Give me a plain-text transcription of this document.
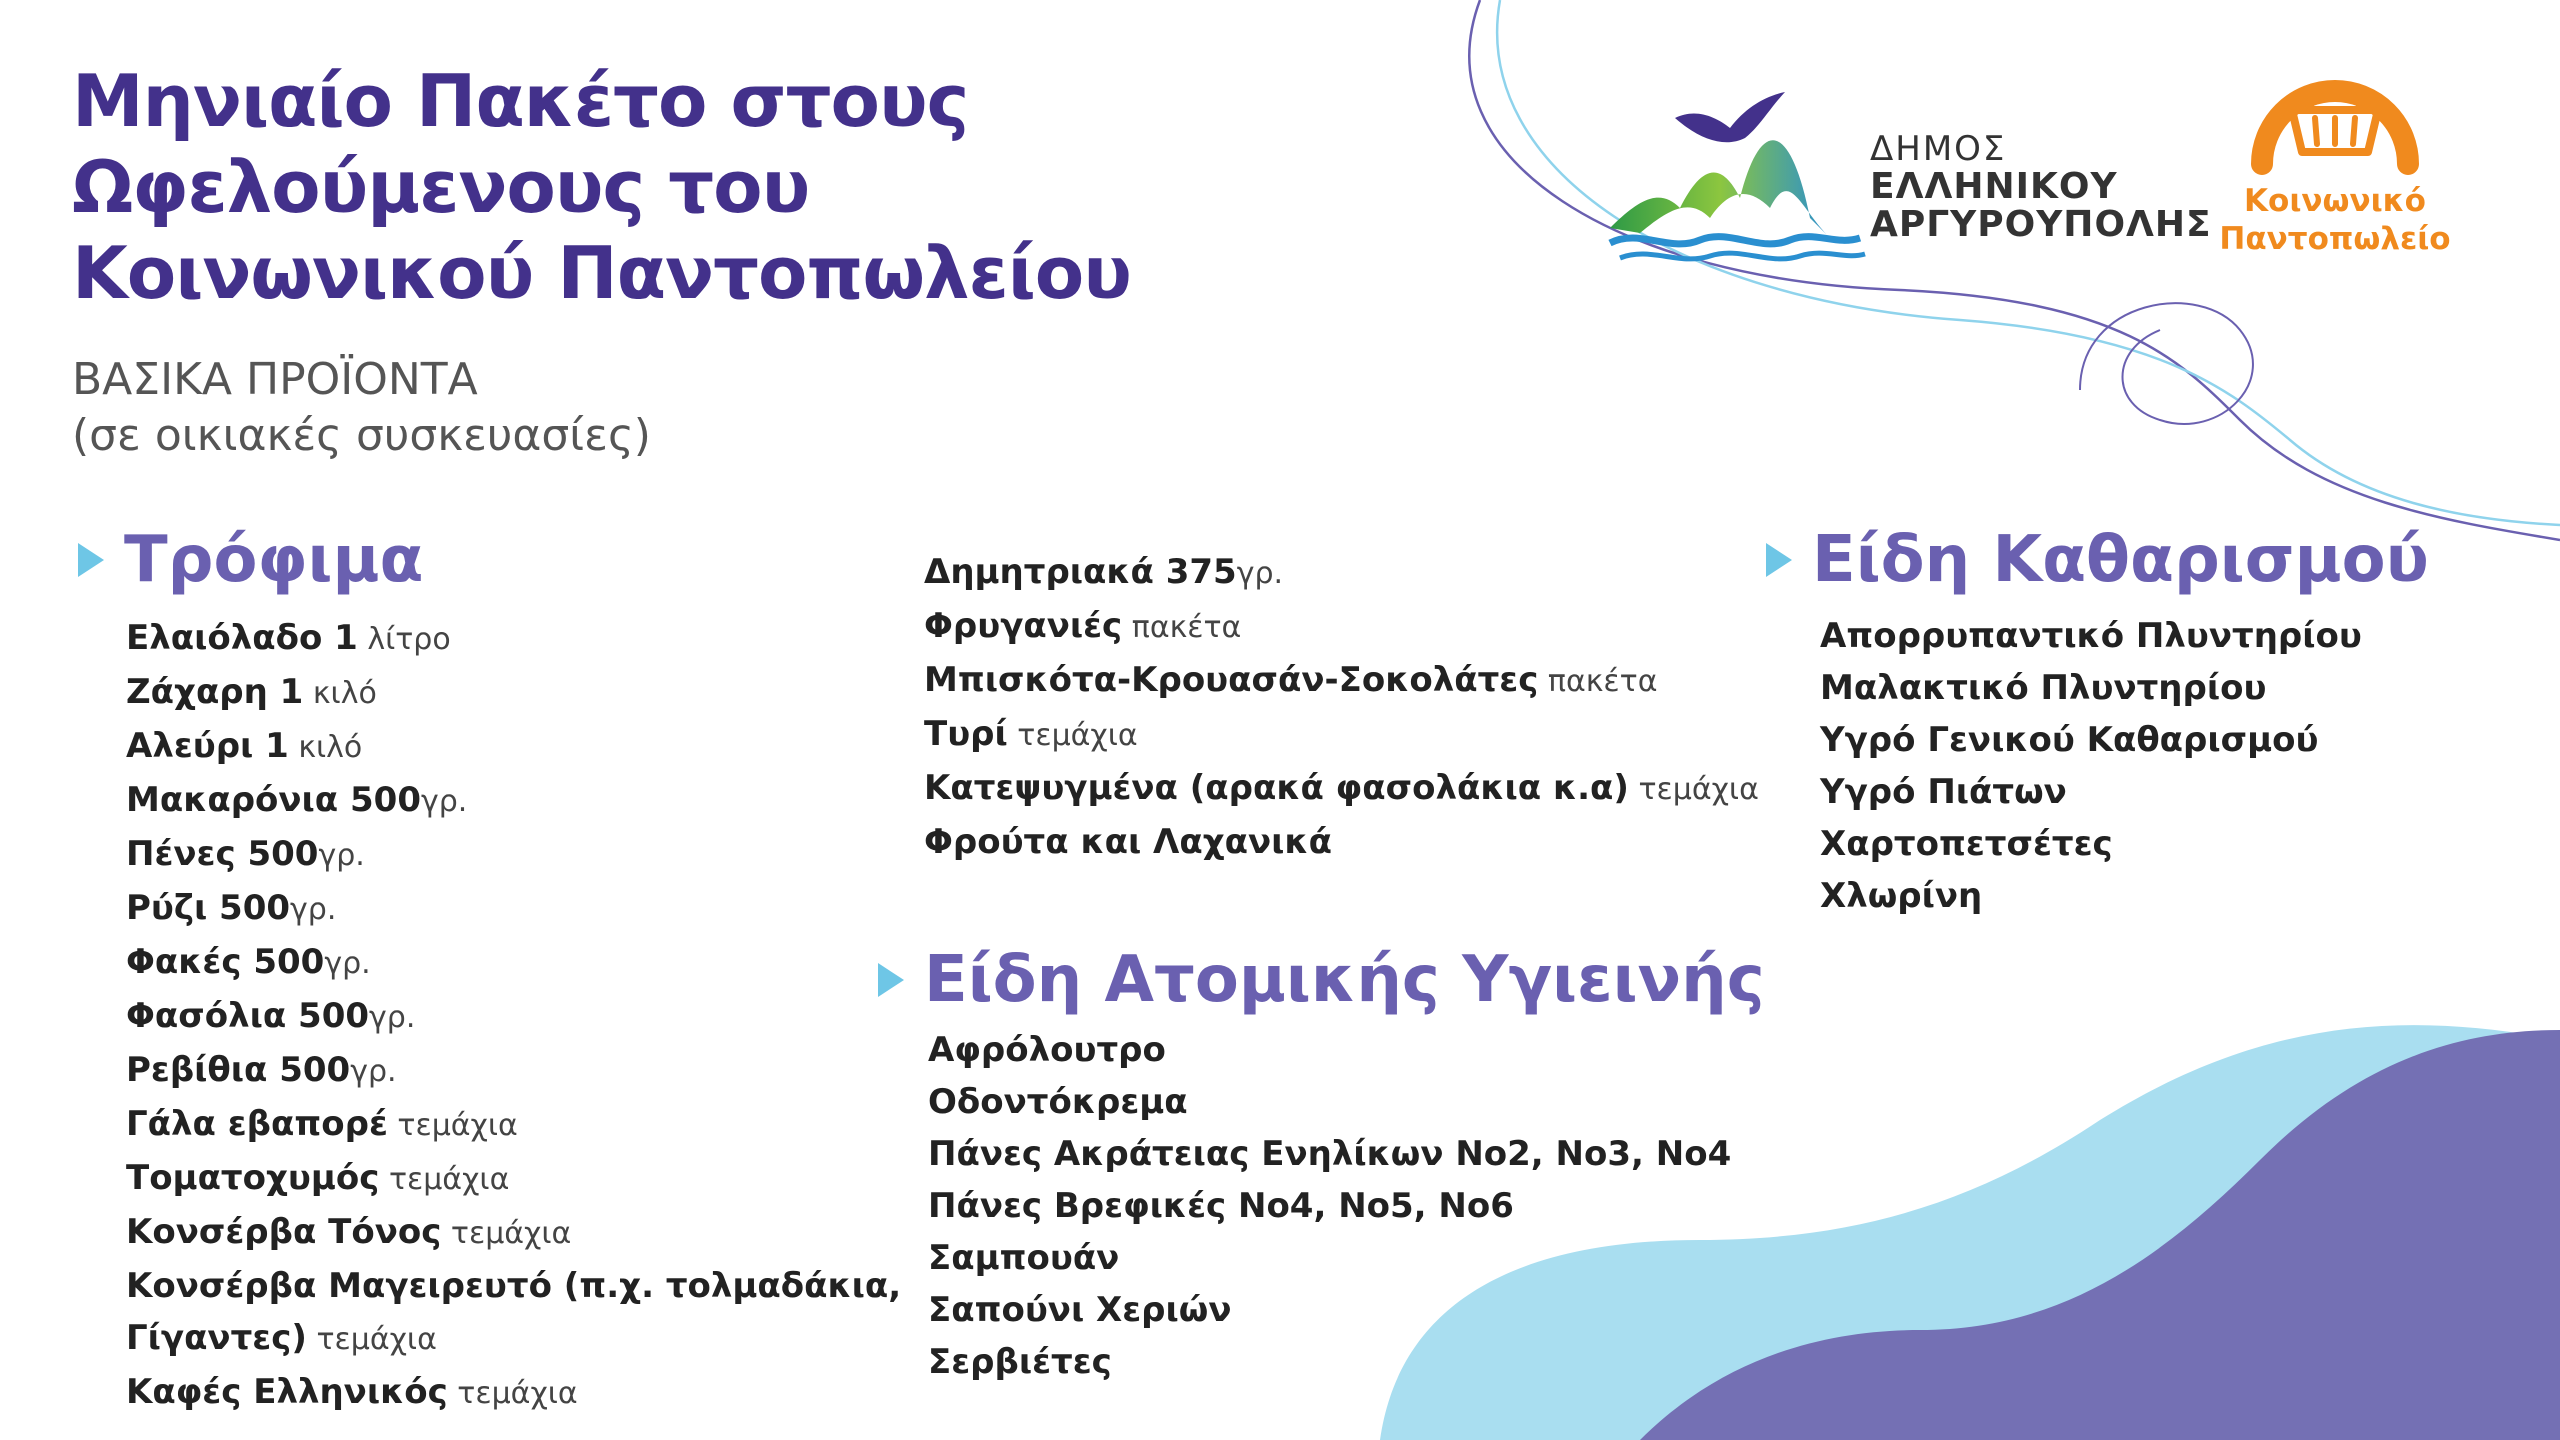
Μηνιαίο Πακέτο στους
Ωφελούμενους του
Κοινωνικού Παντοπωλείου
ΒΑΣΙΚΑ ΠΡΟΪΟΝΤΑ
(σε οικιακές συσκευασίες)
ΔΗΜΟΣ
ΕΛΛΗΝΙΚΟΥ
ΑΡΓΥΡΟΥΠΟΛΗΣ
Κοινωνικό
Παντοπωλείο
Τρόφιμα
Ελαιόλαδο 1 λίτρο
Ζάχαρη 1 κιλό
Αλεύρι 1 κιλό
Μακαρόνια 500γρ.
Πένες 500γρ.
Ρύζι 500γρ.
Φακές 500γρ.
Φασόλια 500γρ.
Ρεβίθια 500γρ.
Γάλα εβαπορέ τεμάχια
Τοματοχυμός τεμάχια
Κονσέρβα Τόνος τεμάχια
Κονσέρβα Μαγειρευτό (π.χ. τολμαδάκια, Γίγαντες) τεμάχια
Καφές Ελληνικός τεμάχια
Δημητριακά 375γρ.
Φρυγανιές πακέτα
Μπισκότα-Κρουασάν-Σοκολάτες πακέτα
Τυρί τεμάχια
Κατεψυγμένα (αρακά φασολάκια κ.α) τεμάχια
Φρούτα και Λαχανικά
Είδη Ατομικής Υγιεινής
Αφρόλουτρο
Οδοντόκρεμα
Πάνες Ακράτειας Ενηλίκων Νο2, Νο3, Νο4
Πάνες Βρεφικές Νο4, Νο5, Νο6
Σαμπουάν
Σαπούνι Χεριών
Σερβιέτες
Είδη Καθαρισμού
Απορρυπαντικό Πλυντηρίου
Μαλακτικό Πλυντηρίου
Υγρό Γενικού Καθαρισμού
Υγρό Πιάτων
Χαρτοπετσέτες
Χλωρίνη
